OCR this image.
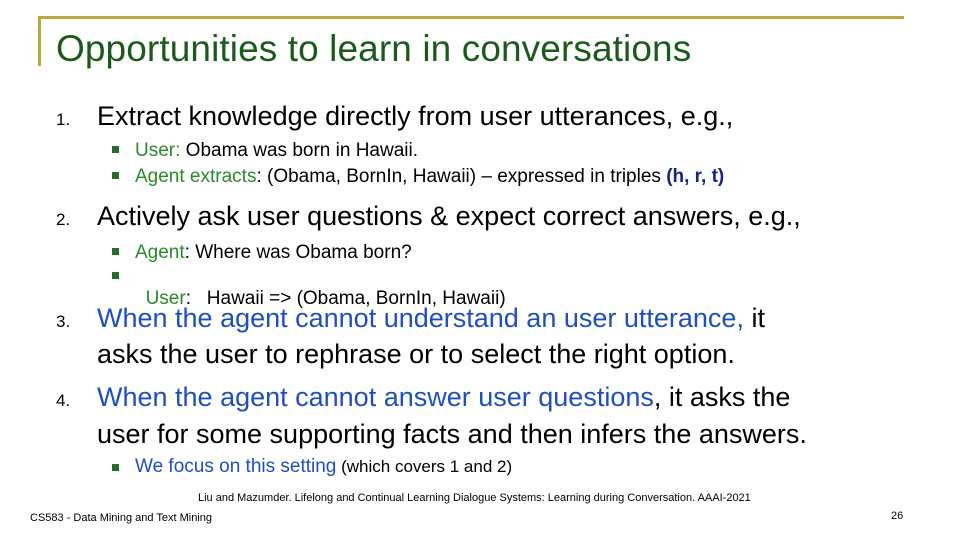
Opportunities to learn in conversations
1. Extract knowledge directly from user utterances, e.g.,
User: Obama was born in Hawaii.
Agent extracts: (Obama, BornIn, Hawaii) – expressed in triples (h, r, t)
2. Actively ask user questions & expect correct answers, e.g.,
Agent: Where was Obama born?

User:   Hawaii => (Obama, BornIn, Hawaii)

3. When the agent cannot understand an user utterance, it
asks the user to rephrase or to select the right option.
4. When the agent cannot answer user questions, it asks the
user for some supporting facts and then infers the answers.
We focus on this setting (which covers 1 and 2)
Liu and Mazumder. Lifelong and Continual Learning Dialogue Systems: Learning during Conversation. AAAI-2021
CS583 - Data Mining and Text Mining	26
